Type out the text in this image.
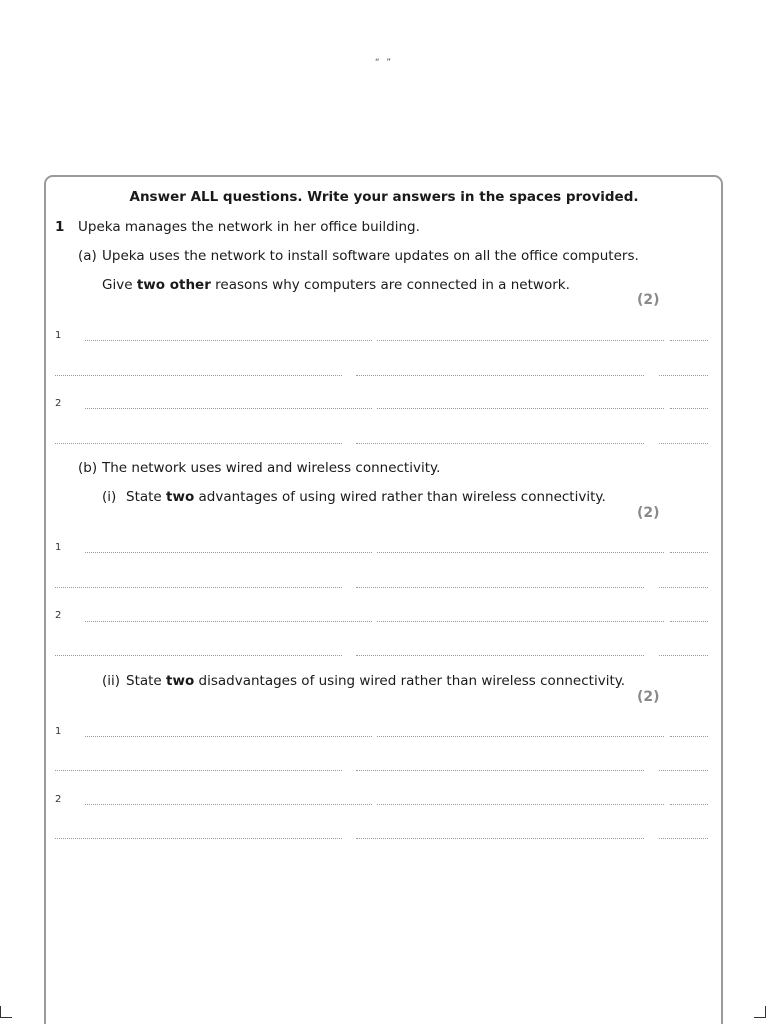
“ ”
Answer ALL questions. Write your answers in the spaces provided.
1 Upeka manages the network in her office building.
(a) Upeka uses the network to install software updates on all the office computers.
Give two other reasons why computers are connected in a network.
(2)
1
2
(b) The network uses wired and wireless connectivity.
(i) State two advantages of using wired rather than wireless connectivity.
(2)
1
2
(ii) State two disadvantages of using wired rather than wireless connectivity.
(2)
1
2
